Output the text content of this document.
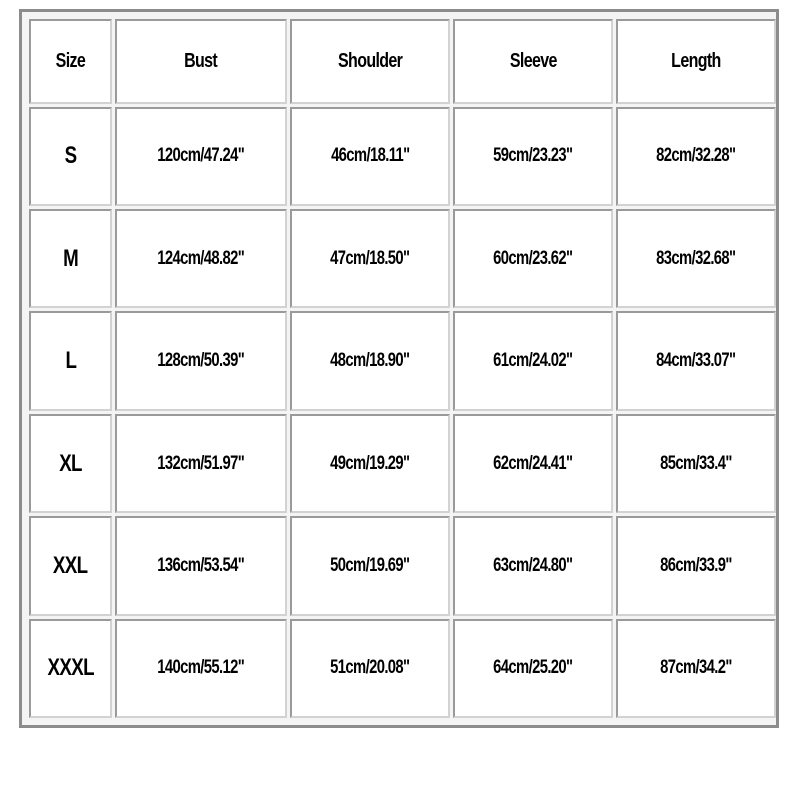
Size	Bust	Shoulder	Sleeve	Length
S	120cm/47.24"	46cm/18.11"	59cm/23.23"	82cm/32.28"
M	124cm/48.82"	47cm/18.50"	60cm/23.62"	83cm/32.68"
L	128cm/50.39"	48cm/18.90"	61cm/24.02"	84cm/33.07"
XL	132cm/51.97"	49cm/19.29"	62cm/24.41"	85cm/33.4"
XXL	136cm/53.54"	50cm/19.69"	63cm/24.80"	86cm/33.9"
XXXL	140cm/55.12"	51cm/20.08"	64cm/25.20"	87cm/34.2"
